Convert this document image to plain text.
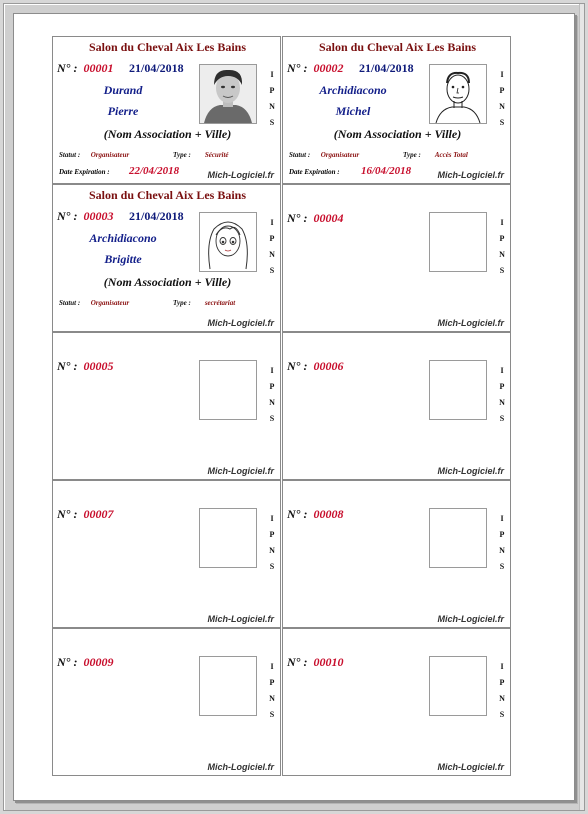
Salon du Cheval Aix Les Bains
N° : 00001 21/04/2018
Durand
Pierre
I
P
N
S
(Nom Association + Ville)
Statut : Organisateur	Type : Sécurité
Date Expiration : 22/04/2018	Mich-Logiciel.fr
Salon du Cheval Aix Les Bains
N° : 00002 21/04/2018
Archidiacono
Michel
I
P
N
S
(Nom Association + Ville)
Statut : Organisateur	Type : Accès Total
Date Expiration : 16/04/2018	Mich-Logiciel.fr
Salon du Cheval Aix Les Bains
N° : 00003 21/04/2018
Archidiacono
Brigitte
I
P
N
S
(Nom Association + Ville)
Statut : Organisateur	Type : secrétariat
Mich-Logiciel.fr
N° : 00004	I
P
N
S
Mich-Logiciel.fr
N° : 00005	I
P
N
S
Mich-Logiciel.fr
N° : 00006	I
P
N
S
Mich-Logiciel.fr
N° : 00007	I
P
N
S
Mich-Logiciel.fr
N° : 00008	I
P
N
S
Mich-Logiciel.fr
N° : 00009	I
P
N
S
Mich-Logiciel.fr
N° : 00010	I
P
N
S
Mich-Logiciel.fr
